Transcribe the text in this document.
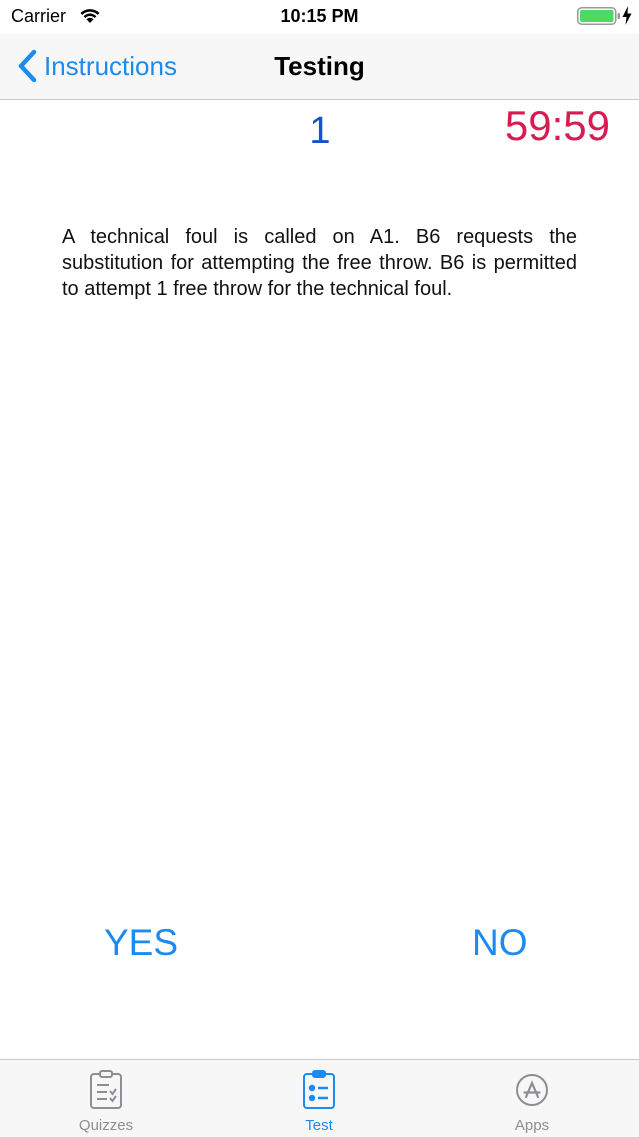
Carrier	10:15 PM
Instructions	Testing
1	59:59
A technical foul is called on A1. B6 requests the substitution for attempting the free throw. B6 is permitted to attempt 1 free throw for the technical foul.
YES	NO
Quizzes	Test	Apps
